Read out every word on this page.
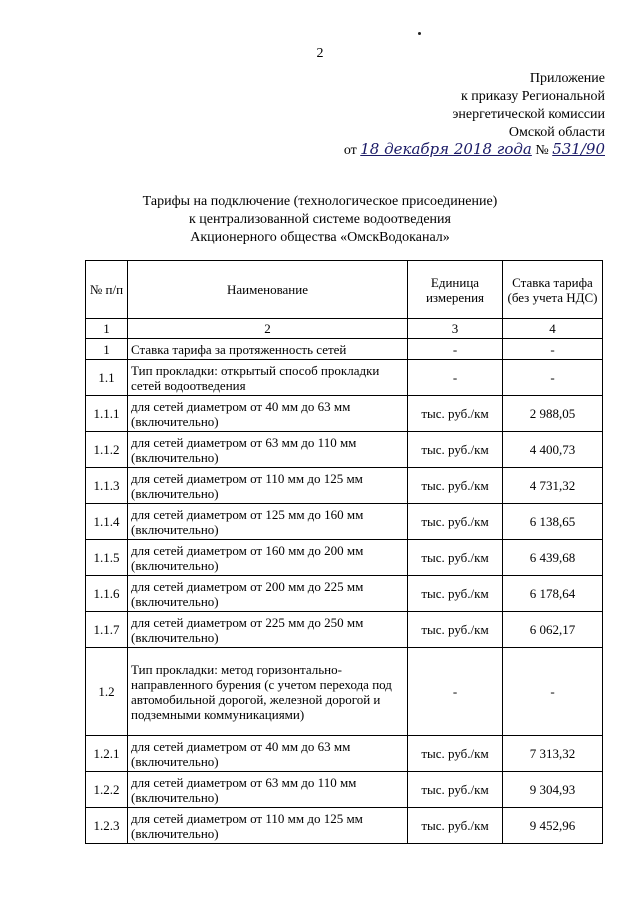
2
Приложение
к приказу Региональной
энергетической комиссии
Омской области
от 18 декабря 2018 года № 531/90
Тарифы на подключение (технологическое присоединение)
к централизованной системе водоотведения
Акционерного общества «ОмскВодоканал»
№ п/п	Наименование	Единица измерения	Ставка тарифа (без учета НДС)
1	2	3	4
1	Ставка тарифа за протяженность сетей	-	-
1.1	Тип прокладки: открытый способ прокладки сетей водоотведения	-	-
1.1.1	для сетей диаметром от 40 мм до 63 мм (включительно)	тыс. руб./км	2 988,05
1.1.2	для сетей диаметром от 63 мм до 110 мм (включительно)	тыс. руб./км	4 400,73
1.1.3	для сетей диаметром от 110 мм до 125 мм (включительно)	тыс. руб./км	4 731,32
1.1.4	для сетей диаметром от 125 мм до 160 мм (включительно)	тыс. руб./км	6 138,65
1.1.5	для сетей диаметром от 160 мм до 200 мм (включительно)	тыс. руб./км	6 439,68
1.1.6	для сетей диаметром от 200 мм до 225 мм (включительно)	тыс. руб./км	6 178,64
1.1.7	для сетей диаметром от 225 мм до 250 мм (включительно)	тыс. руб./км	6 062,17
1.2	Тип прокладки: метод горизонтально-направленного бурения (с учетом перехода под автомобильной дорогой, железной дорогой и подземными коммуникациями)	-	-
1.2.1	для сетей диаметром от 40 мм до 63 мм (включительно)	тыс. руб./км	7 313,32
1.2.2	для сетей диаметром от 63 мм до 110 мм (включительно)	тыс. руб./км	9 304,93
1.2.3	для сетей диаметром от 110 мм до 125 мм (включительно)	тыс. руб./км	9 452,96
